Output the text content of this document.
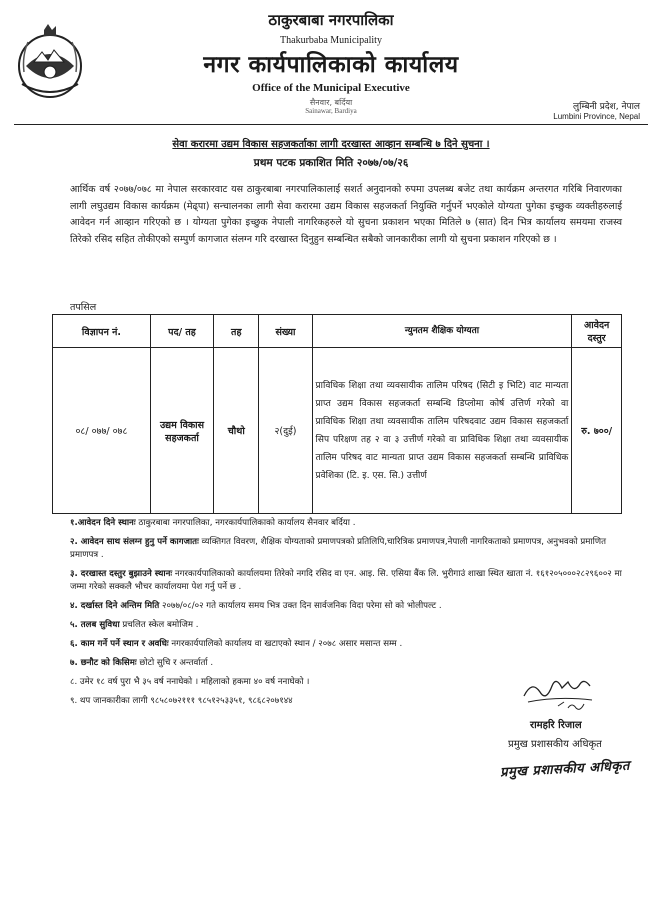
ठाकुरबाबा नगरपालिका
Thakurbaba Municipality
नगर कार्यपालिकाको कार्यालय
Office of the Municipal Executive
सैनवार, बर्दिया
Sainawar, Bardiya	लुम्बिनी प्रदेश, नेपाल
Lumbini Province, Nepal
सेवा करारमा उद्यम विकास सहजकर्ताका लागी दरखास्त आव्हान सम्बन्धि ७ दिने सुचना ।
प्रथम पटक प्रकाशित मिति २०७७/०७/२६
आर्थिक वर्ष २०७७/०७८ मा नेपाल सरकारवाट यस ठाकुरबाबा नगरपालिकालाई सशर्त अनुदानको रुपमा उपलब्ध बजेट तथा कार्यक्रम अन्तरगत गरिबि निवारणका लागी लघुउद्यम विकास कार्यक्रम (मेढ्पा) सन्चालनका लागी सेवा करारमा उद्यम विकास सहजकर्ता नियुक्ति गर्नुपर्ने भएकोले योग्यता पुगेका इच्छुक व्यक्तीहरुलाई आवेदन गर्न आव्हान गरिएको छ । योग्यता पुगेका इच्छुक नेपाली नागरिकहरुले यो सुचना प्रकाशन भएका मितिले ७ (सात) दिन भित्र कार्यालय समयमा राजस्व तिरेको रसिद सहित तोकीएको सम्पुर्ण कागजात संलग्न गरि दरखास्त दिनुहुन सम्बन्धित सबैको जानकारीका लागी यो सुचना प्रकाशन गरिएको छ ।
तपसिल
विज्ञापन नं.	पद/ तह	तह	संख्या	न्युनतम शैक्षिक योग्यता	आवेदन दस्तुर
०८/ ०७७/ ०७८	उद्यम विकास सहजकर्ता	चौथो	२(दुई)	प्राविधिक शिक्षा तथा व्यवसायीक तालिम परिषद (सिटी इ भिटि) वाट मान्यता प्राप्त उद्यम विकास सहजकर्ता सम्बन्धि डिप्लोमा कोर्ष उत्तिर्ण गरेको वा प्राविधिक शिक्षा तथा व्यवसायीक तालिम परिषदवाट उद्यम विकास सहजकर्ता सिप परिक्षण तह २ वा ३ उत्तीर्ण गरेको वा प्राविधिक शिक्षा तथा व्यवसायीक तालिम परिषद वाट मान्यता प्राप्त उद्यम विकास सहजकर्ता सम्बन्धि प्राविधिक प्रवेशिका (टि. इ. एस. सि.) उत्तीर्ण	रु. ७००/
१.आवेदन दिने स्थानः ठाकुरबाबा नगरपालिका, नगरकार्यपालिकाको कार्यालय सैनवार बर्दिया .
२. आवेदन साथ संलग्न हुनु पर्ने कागजातः व्यक्तिगत विवरण, शैक्षिक योग्यताको प्रमाणपत्रको प्रतिलिपि,चारित्रिक प्रमाणपत्र,नेपाली नागरिकताको प्रमाणपत्र, अनुभवको प्रमाणित प्रमाणपत्र .
३. दरखास्त दस्तुर बुझाउने स्थानः नगरकार्यपालिकाको कार्यालयमा तिरेको नगदि रसिद वा एन. आइ. सि. एसिया बैंक लि. भुरीगाउं शाखा स्थित खाता नं. १६१२०५०००२८२९६००२ मा जम्मा गरेको सक्कलै भौचर कार्यालयमा पेश गर्नु पर्ने छ .
४. दर्खास्त दिने अन्तिम मिति २०७७/०८/०२ गते कार्यालय समय भित्र उक्त दिन सार्वजनिक विदा परेमा सो को भोलीपल्ट .
५. तलब सुविधा प्रचलित स्केल बमोजिम .
६. काम गर्ने पर्ने स्थान र अवधिः नगरकार्यपालिको कार्यालय वा खटाएको स्थान / २०७८ असार मसान्त सम्म .
७. छनौट को किसिमः छोटो सुचि र अन्तर्वार्ता .
८. उमेर १८ वर्ष पुरा भै ३५ वर्ष ननाघेको । महिलाको हकमा ४० वर्ष ननाघेको ।
९. थप जानकारीका लागी ९८५८०७२१११ ९८५१२५३३५१, ९८६८२०७१४४
रामहरि रिजाल
प्रमुख प्रशासकीय अधिकृत
प्रमुख प्रशासकीय अधिकृत
